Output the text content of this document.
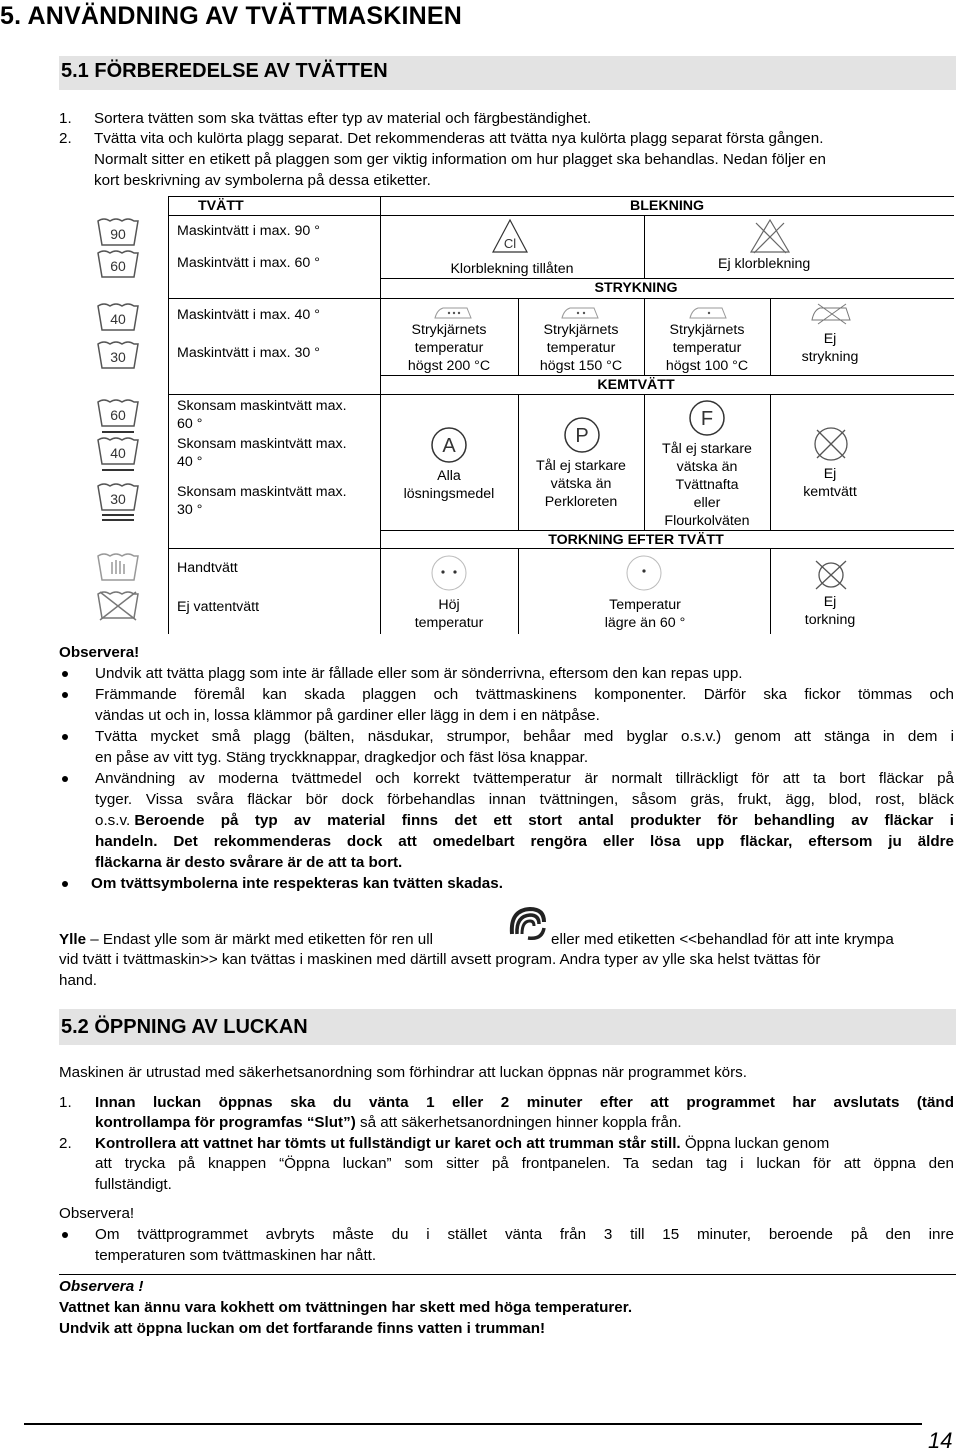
5. ANVÄNDNING AV TVÄTTMASKINEN
5.1 FÖRBEREDELSE AV TVÄTTEN
1. Sortera tvätten som ska tvättas efter typ av material och färgbeständighet.
2. Tvätta vita och kulörta plagg separat. Det rekommenderas att tvätta nya kulörta plagg separat första gången.
Normalt sitter en etikett på plaggen som ger viktig information om hur plagget ska behandlas. Nedan följer en
kort beskrivning av symbolerna på dessa etiketter.
90
60
40
30
60
40
30
TVÄTT
Maskintvätt i max. 90 °
Maskintvätt i max. 60 °
Maskintvätt i max. 40 °
Maskintvätt i max. 30 °
Skonsam maskintvätt max.
60 °
Skonsam maskintvätt max.
40 °
Skonsam maskintvätt max.
30 °
Handtvätt
Ej vattentvätt
BLEKNING
Cl
Klorblekning tillåten	Ej klorblekning
STRYKNING
Strykjärnets
temperatur
högst 200 °C
Strykjärnets
temperatur
högst 150 °C
Strykjärnets
temperatur
högst 100 °C
Ej
strykning
KEMTVÄTT
A
Alla
lösningsmedel
P
Tål ej starkare
vätska än
Perkloreten
F
Tål ej starkare
vätska än
Tvättnafta
eller
Flourkolväten
Ej
kemtvätt
TORKNING EFTER TVÄTT
Höj
temperatur
Temperatur
lägre än 60 °
Ej
torkning
Observera!
Undvik att tvätta plagg som inte är fållade eller som är sönderrivna, eftersom den kan repas upp.
Främmande föremål kan skada plaggen och tvättmaskinens komponenter. Därför ska fickor tömmas och
vändas ut och in, lossa klämmor på gardiner eller lägg in dem i en nätpåse.
Tvätta mycket små plagg (bälten, näsdukar, strumpor, behåar med byglar o.s.v.) genom att stänga in dem i
en påse av vitt tyg. Stäng tryckknappar, dragkedjor och fäst lösa knappar.
Användning av moderna tvättmedel och korrekt tvättemperatur är normalt tillräckligt för att ta bort fläckar på
tyger. Vissa svåra fläckar bör dock förbehandlas innan tvättningen, såsom gräs, frukt, ägg, blod, rost, bläck
o.s.v. Beroende på typ av material finns det ett stort antal produkter för behandling av fläckar i
handeln. Det rekommenderas dock att omedelbart rengöra eller lösa upp fläckar, eftersom ju äldre
fläckarna är desto svårare är de att ta bort.
Om tvättsymbolerna inte respekteras kan tvätten skadas.
Ylle – Endast ylle som är märkt med etiketten för ren ull	eller med etiketten <<behandlad för att inte krympa
vid tvätt i tvättmaskin>> kan tvättas i maskinen med därtill avsett program. Andra typer av ylle ska helst tvättas för
hand.
5.2 ÖPPNING AV LUCKAN
Maskinen är utrustad med säkerhetsanordning som förhindrar att luckan öppnas när programmet körs.
1. Innan luckan öppnas ska du vänta 1 eller 2 minuter efter att programmet har avslutats (tänd
kontrollampa för programfas “Slut”) så att säkerhetsanordningen hinner koppla från.
2. Kontrollera att vattnet har tömts ut fullständigt ur karet och att trumman står still. Öppna luckan genom
att trycka på knappen “Öppna luckan” som sitter på frontpanelen. Ta sedan tag i luckan för att öppna den
fullständigt.
Observera!
Om tvättprogrammet avbryts måste du i stället vänta från 3 till 15 minuter, beroende på den inre
temperaturen som tvättmaskinen har nått.
Observera !
Vattnet kan ännu vara kokhett om tvättningen har skett med höga temperaturer.
Undvik att öppna luckan om det fortfarande finns vatten i trumman!
14
